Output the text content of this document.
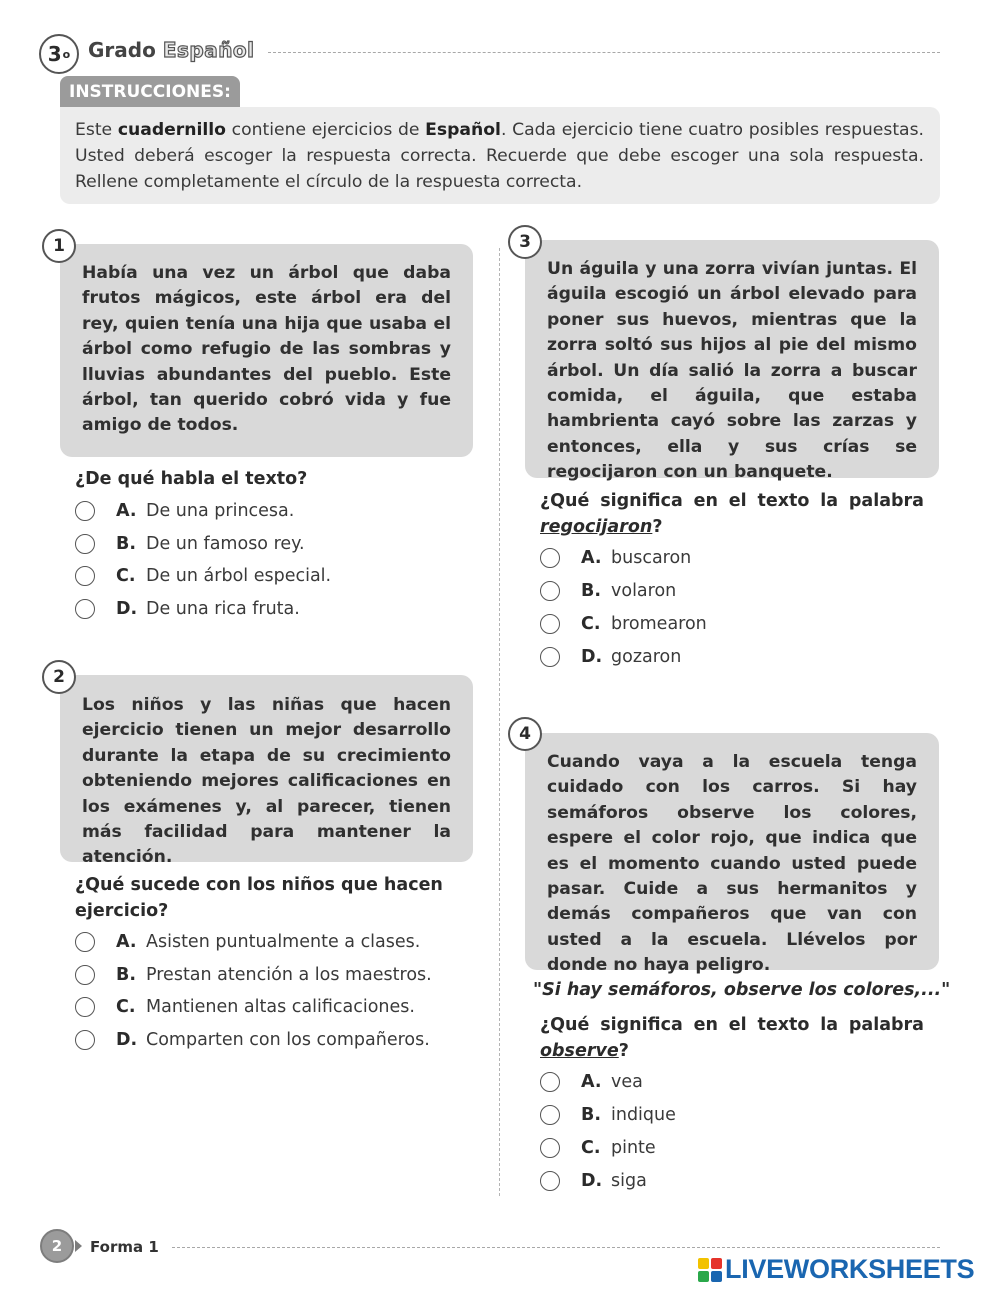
3 o Grado Español
INSTRUCCIONES:
Este cuadernillo contiene ejercicios de Español. Cada ejercicio tiene cuatro posibles respuestas. Usted deberá escoger la respuesta correcta. Recuerde que debe escoger una sola respuesta. Rellene completamente el círculo de la respuesta correcta.
1
Había una vez un árbol que daba frutos mágicos, este árbol era del rey, quien tenía una hija que usaba el árbol como refugio de las sombras y lluvias abundantes del pueblo. Este árbol, tan querido cobró vida y fue amigo de todos.
¿De qué habla el texto?
A. De una princesa.
B. De un famoso rey.
C. De un árbol especial.
D. De una rica fruta.
2
Los niños y las niñas que hacen ejercicio tienen un mejor desarrollo durante la etapa de su crecimiento obteniendo mejores calificaciones en los exámenes y, al parecer, tienen más facilidad para mantener la atención.
¿Qué sucede con los niños que hacen ejercicio?
A. Asisten puntualmente a clases.
B. Prestan atención a los maestros.
C. Mantienen altas calificaciones.
D. Comparten con los compañeros.
3
Un águila y una zorra vivían juntas. El águila escogió un árbol elevado para poner sus huevos, mientras que la zorra soltó sus hijos al pie del mismo árbol. Un día salió la zorra a buscar comida, el águila, que estaba hambrienta cayó sobre las zarzas y entonces, ella y sus crías se regocijaron con un banquete.
¿Qué significa en el texto la palabra regocijaron?
A. buscaron
B. volaron
C. bromearon
D. gozaron
4
Cuando vaya a la escuela tenga cuidado con los carros. Si hay semáforos observe los colores, espere el color rojo, que indica que es el momento cuando usted puede pasar. Cuide a sus hermanitos y demás compañeros que van con usted a la escuela. Llévelos por donde no haya peligro.
"Si hay semáforos, observe los colores,..."
¿Qué significa en el texto la palabra observe?
A. vea
B. indique
C. pinte
D. siga
2	Forma 1
LIVEWORKSHEETS
